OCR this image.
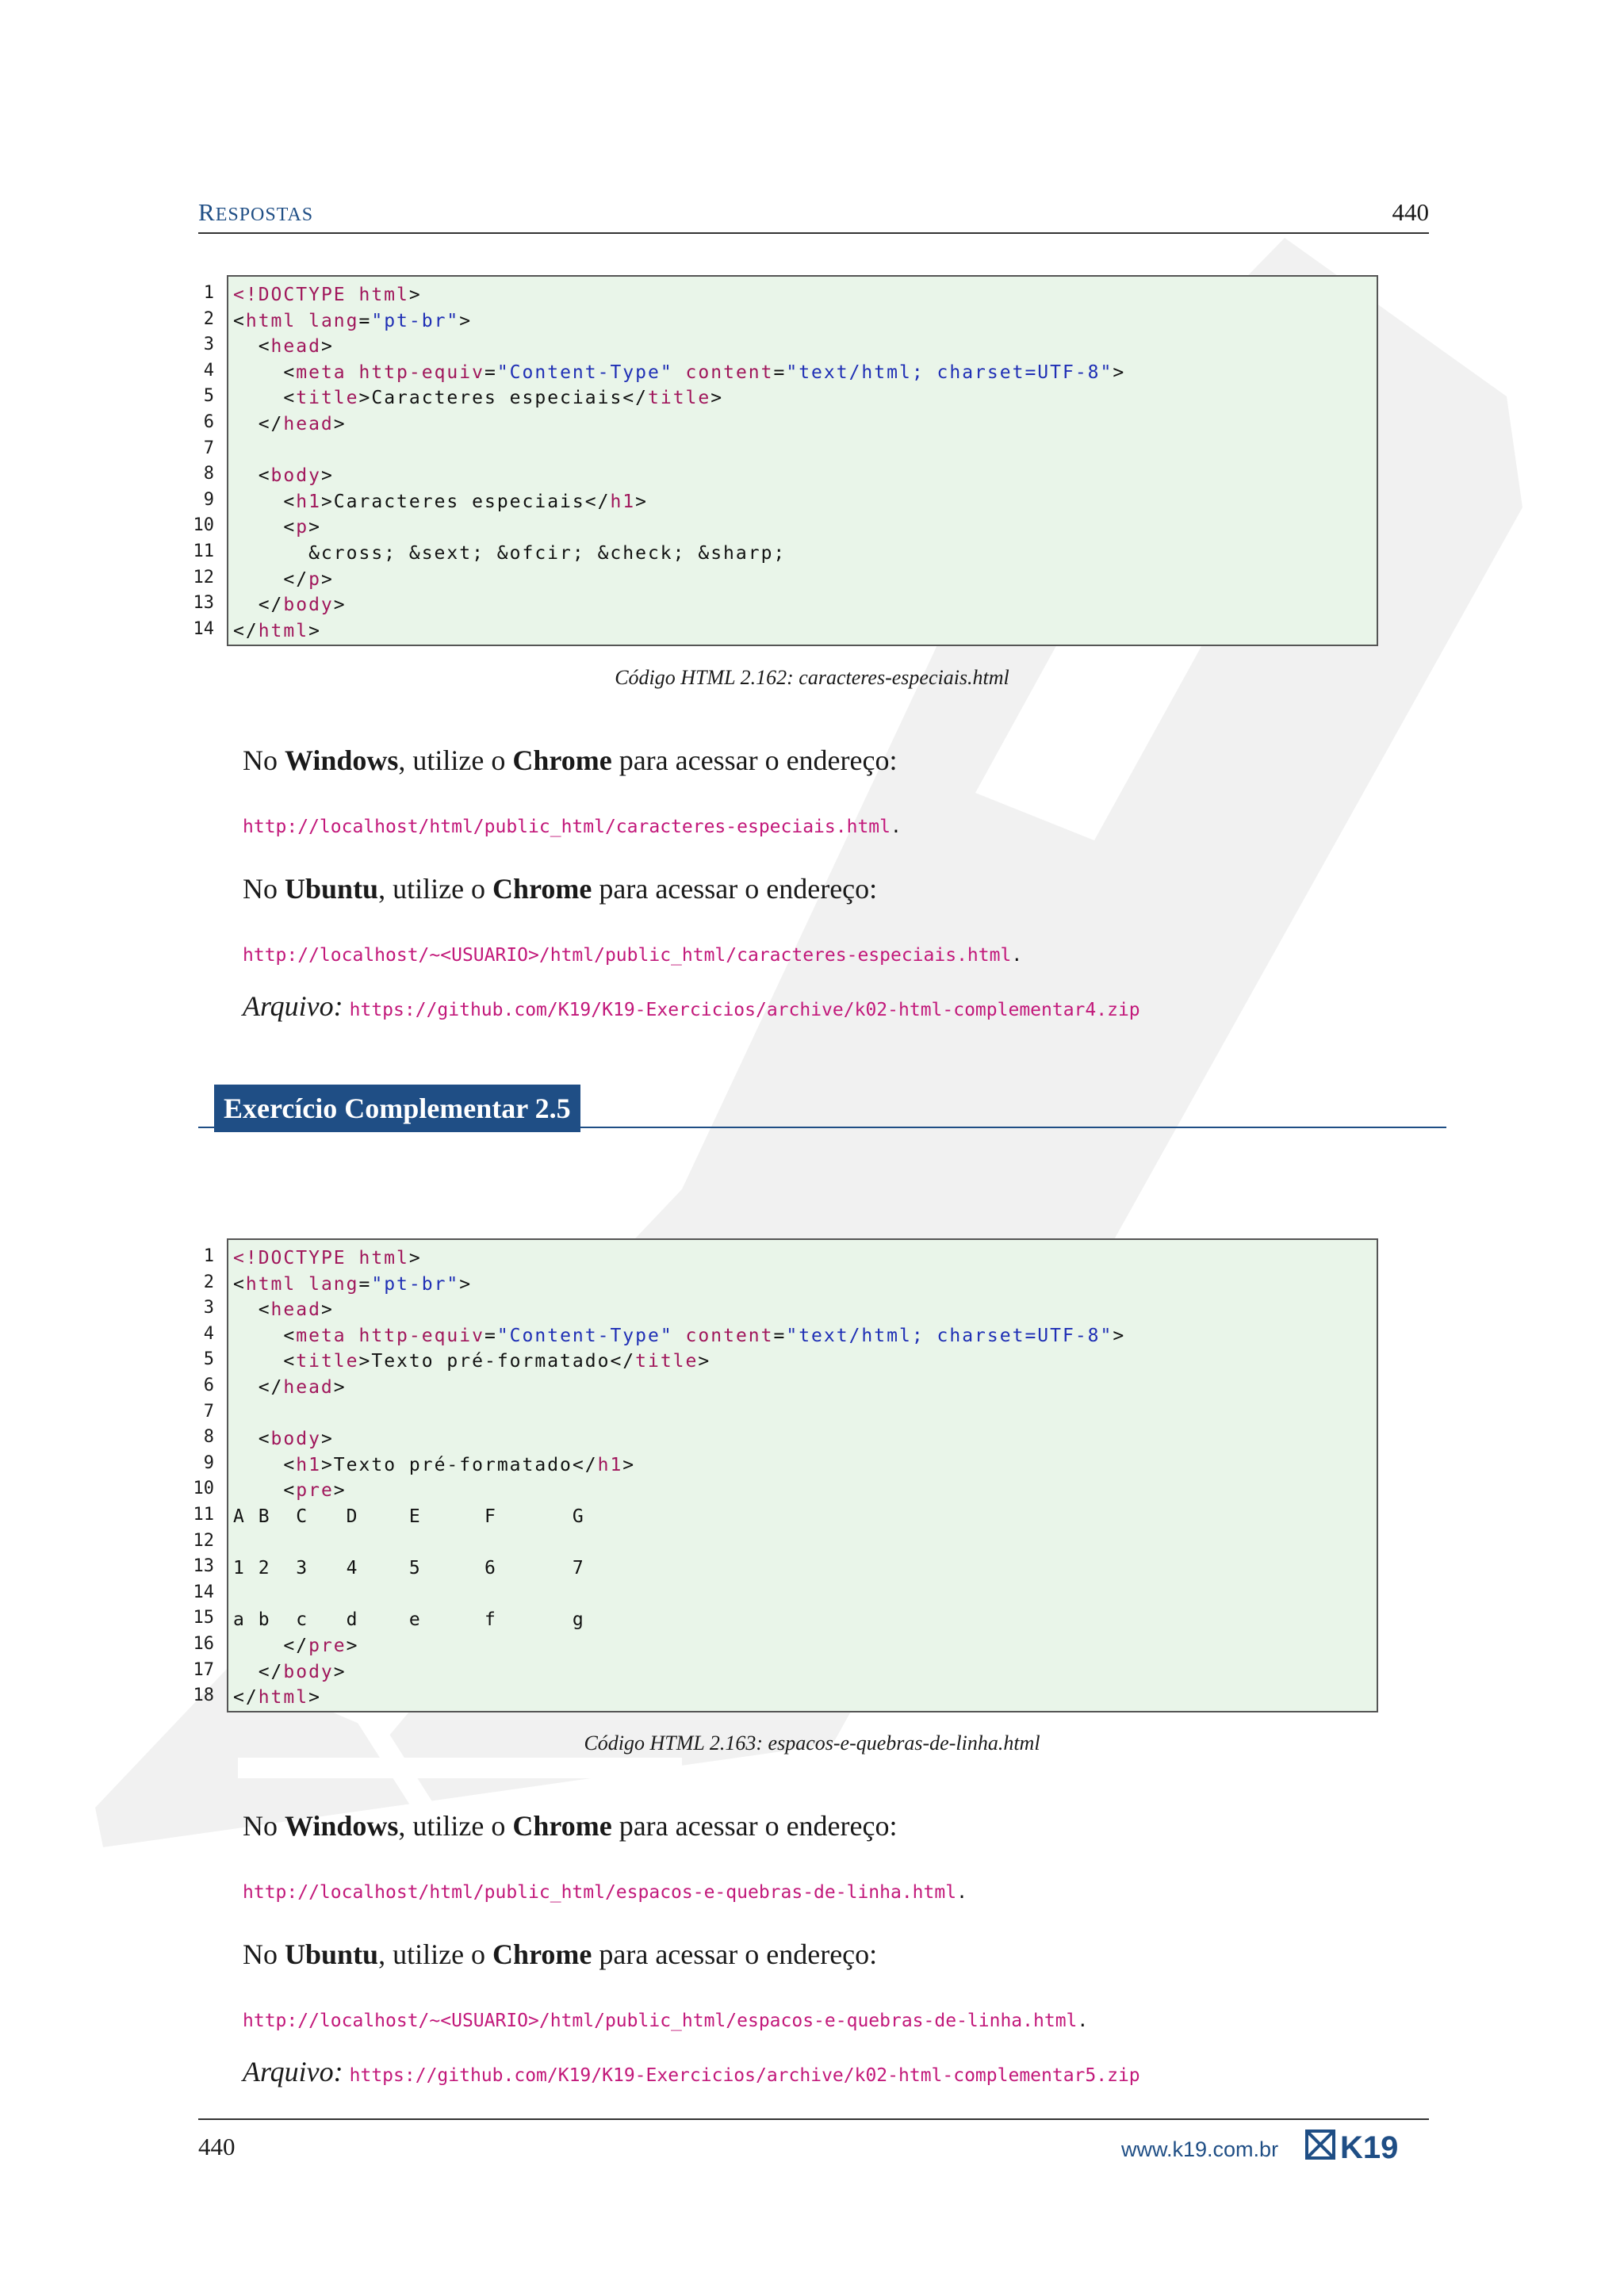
RESPOSTAS	440
1
2
3
4
5
6
7
8
9
10
11
12
13
14
<!DOCTYPE html>
<html lang="pt-br">
<head>
<meta http-equiv="Content-Type" content="text/html; charset=UTF-8">
<title>Caracteres especiais</title>
</head>
<body>
<h1>Caracteres especiais</h1>
<p>
&cross; &sext; &ofcir; &check; &sharp;
</p>
</body>
</html>
Código HTML 2.162: caracteres-especiais.html
No Windows, utilize o Chrome para acessar o endereço:
http://localhost/html/public_html/caracteres-especiais.html.
No Ubuntu, utilize o Chrome para acessar o endereço:
http://localhost/~<USUARIO>/html/public_html/caracteres-especiais.html.
Arquivo: https://github.com/K19/K19-Exercicios/archive/k02-html-complementar4.zip
Exercício Complementar 2.5
1
2
3
4
5
6
7
8
9
10
11
12
13
14
15
16
17
18
<!DOCTYPE html>
<html lang="pt-br">
<head>
<meta http-equiv="Content-Type" content="text/html; charset=UTF-8">
<title>Texto pré-formatado</title>
</head>
<body>
<h1>Texto pré-formatado</h1>
<pre>
A B  C   D    E     F      G
1 2  3   4    5     6      7
a b  c   d    e     f      g
</pre>
</body>
</html>
Código HTML 2.163: espacos-e-quebras-de-linha.html
No Windows, utilize o Chrome para acessar o endereço:
http://localhost/html/public_html/espacos-e-quebras-de-linha.html.
No Ubuntu, utilize o Chrome para acessar o endereço:
http://localhost/~<USUARIO>/html/public_html/espacos-e-quebras-de-linha.html.
Arquivo: https://github.com/K19/K19-Exercicios/archive/k02-html-complementar5.zip
440	www.k19.com.br K19
